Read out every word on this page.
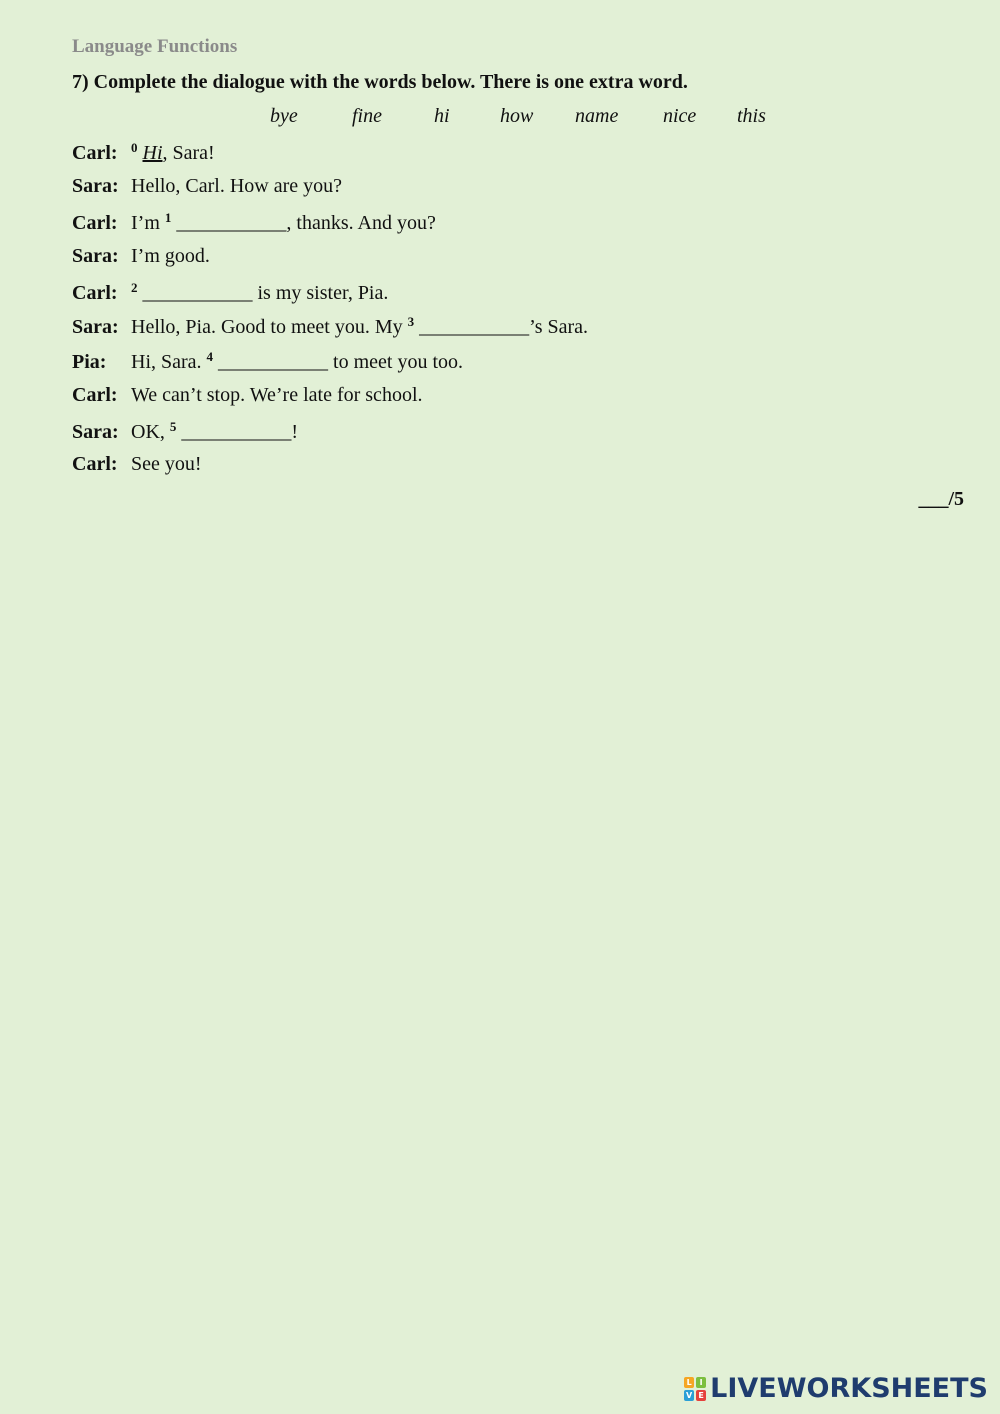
Language Functions
7) Complete the dialogue with the words below. There is one extra word.
bye	fine	hi	how name nice this
Carl: $^0$ Hi, Sara!
Sara: Hello, Carl. How are you?
Carl: I’m $^1$ ___________, thanks. And you?
Sara: I’m good.
Carl: $^2$ ___________ is my sister, Pia.
Sara: Hello, Pia. Good to meet you. My $^3$ ___________’s Sara.
Pia: Hi, Sara. $^4$ ___________ to meet you too.
Carl: We can’t stop. We’re late for school.
Sara: OK, $^5$ ___________!
Carl: See you!
___/5
L I
V E LIVEWORKSHEETS
